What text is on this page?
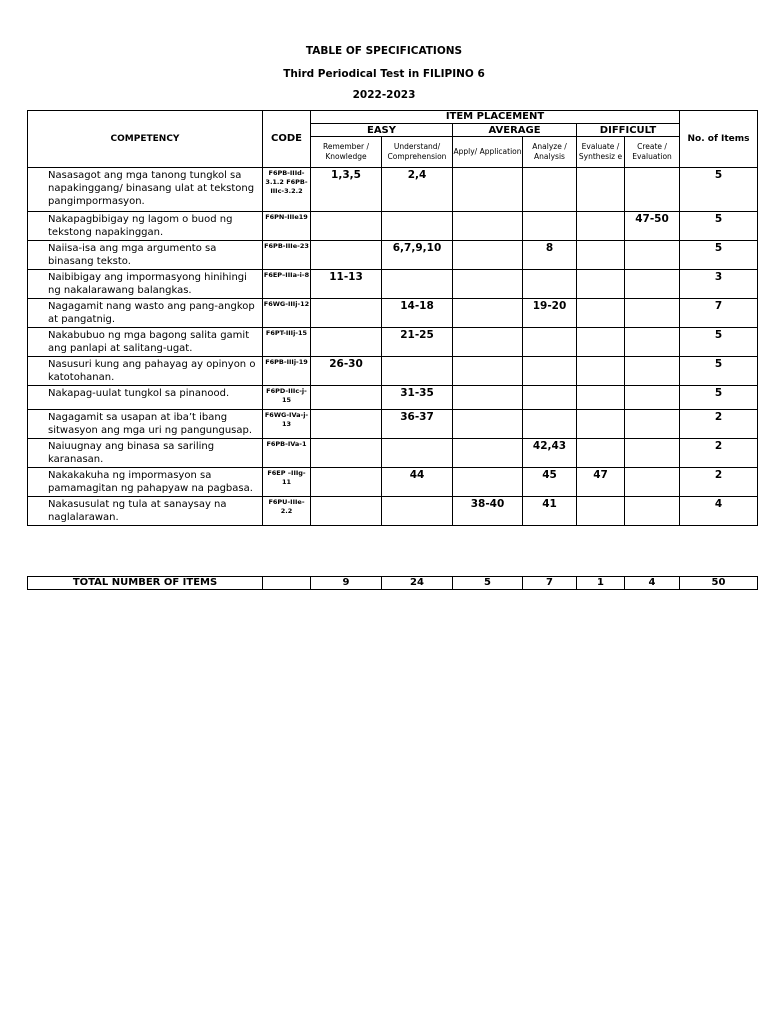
TABLE OF SPECIFICATIONS
Third Periodical Test in FILIPINO 6
2022-2023
COMPETENCY	CODE	ITEM PLACEMENT						No. of Items
		EASY		AVERAGE		DIFFICULT		
		Remember / Knowledge	Understand/ Comprehension	Apply/ Application	Analyze / Analysis	Evaluate / Synthesiz e	Create / Evaluation	
Nasasagot ang mga tanong tungkol sa napakinggang/ binasang ulat at tekstong pangimpormasyon.	F6PB-IIId-3.1.2 F6PB-IIIc-3.2.2	1,3,5	2,4					5
Nakapagbibigay ng lagom o buod ng tekstong napakinggan.	F6PN-IIIe19						47-50	5
Naiisa-isa ang mga argumento sa binasang teksto.	F6PB-IIIe-23		6,7,9,10		8			5
Naibibigay ang impormasyong hinihingi ng nakalarawang balangkas.	F6EP–IIIa-i-8	11-13						3
Nagagamit nang wasto ang pang-angkop at pangatnig.	F6WG-IIIj-12		14-18		19-20			7
Nakabubuo ng mga bagong salita gamit ang panlapi at salitang-ugat.	F6PT-IIIj-15		21-25					5
Nasusuri kung ang pahayag ay opinyon o katotohanan.	F6PB-IIIj-19	26-30						5
Nakapag-uulat tungkol sa pinanood.	F6PD-IIIc-j-15		31-35					5
Nagagamit sa usapan at iba’t ibang sitwasyon ang mga uri ng pangungusap.	F6WG-IVa-j-13		36-37					2
Naiuugnay ang binasa sa sariling karanasan.	F6PB-IVa-1				42,43			2
Nakakakuha ng impormasyon sa pamamagitan ng pahapyaw na pagbasa.	F6EP –IIIg-11		44		45	47		2
Nakasusulat ng tula at sanaysay na naglalarawan.	F6PU-IIIe-2.2			38-40	41			4
TOTAL NUMBER OF ITEMS		9	24	5	7	1	4	50
